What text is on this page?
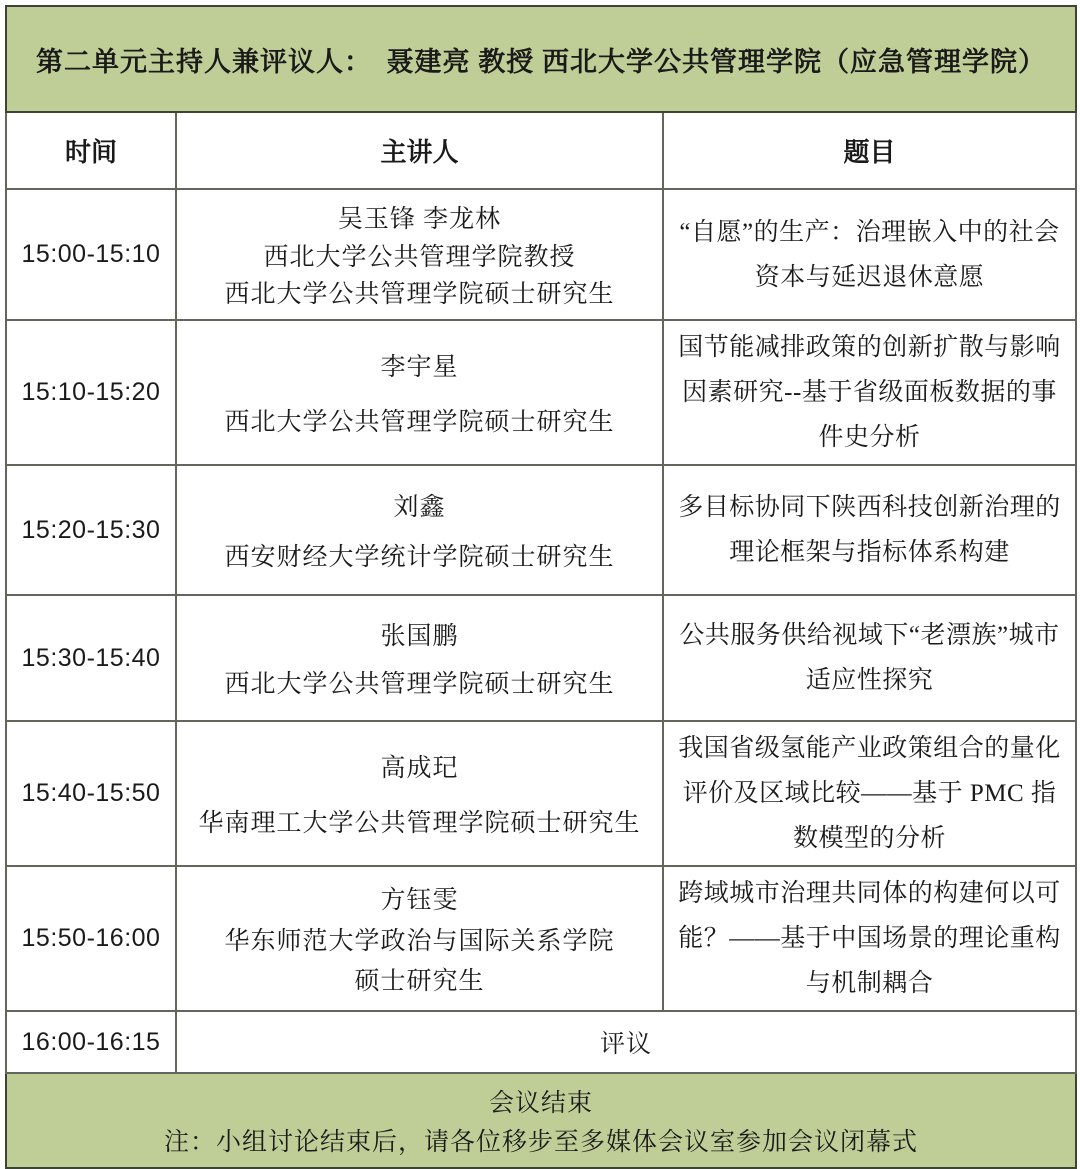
第二单元主持人兼评议人：　聂建亮 教授 西北大学公共管理学院（应急管理学院）		
时间	主讲人	题目
15:00-15:10	吴玉锋 李龙林
西北大学公共管理学院教授
西北大学公共管理学院硕士研究生	“自愿”的生产：治理嵌入中的社会资本与延迟退休意愿
15:10-15:20	李宇星
西北大学公共管理学院硕士研究生	国节能减排政策的创新扩散与影响因素研究--基于省级面板数据的事件史分析
15:20-15:30	刘鑫
西安财经大学统计学院硕士研究生	多目标协同下陕西科技创新治理的理论框架与指标体系构建
15:30-15:40	张国鹏
西北大学公共管理学院硕士研究生	公共服务供给视域下“老漂族”城市适应性探究
15:40-15:50	高成玘
华南理工大学公共管理学院硕士研究生	我国省级氢能产业政策组合的量化评价及区域比较——基于 PMC 指数模型的分析
15:50-16:00	方钰雯
华东师范大学政治与国际关系学院
硕士研究生	跨域城市治理共同体的构建何以可能？——基于中国场景的理论重构与机制耦合
16:00-16:15	评议	

会议结束
注：小组讨论结束后，请各位移步至多媒体会议室参加会议闭幕式		
